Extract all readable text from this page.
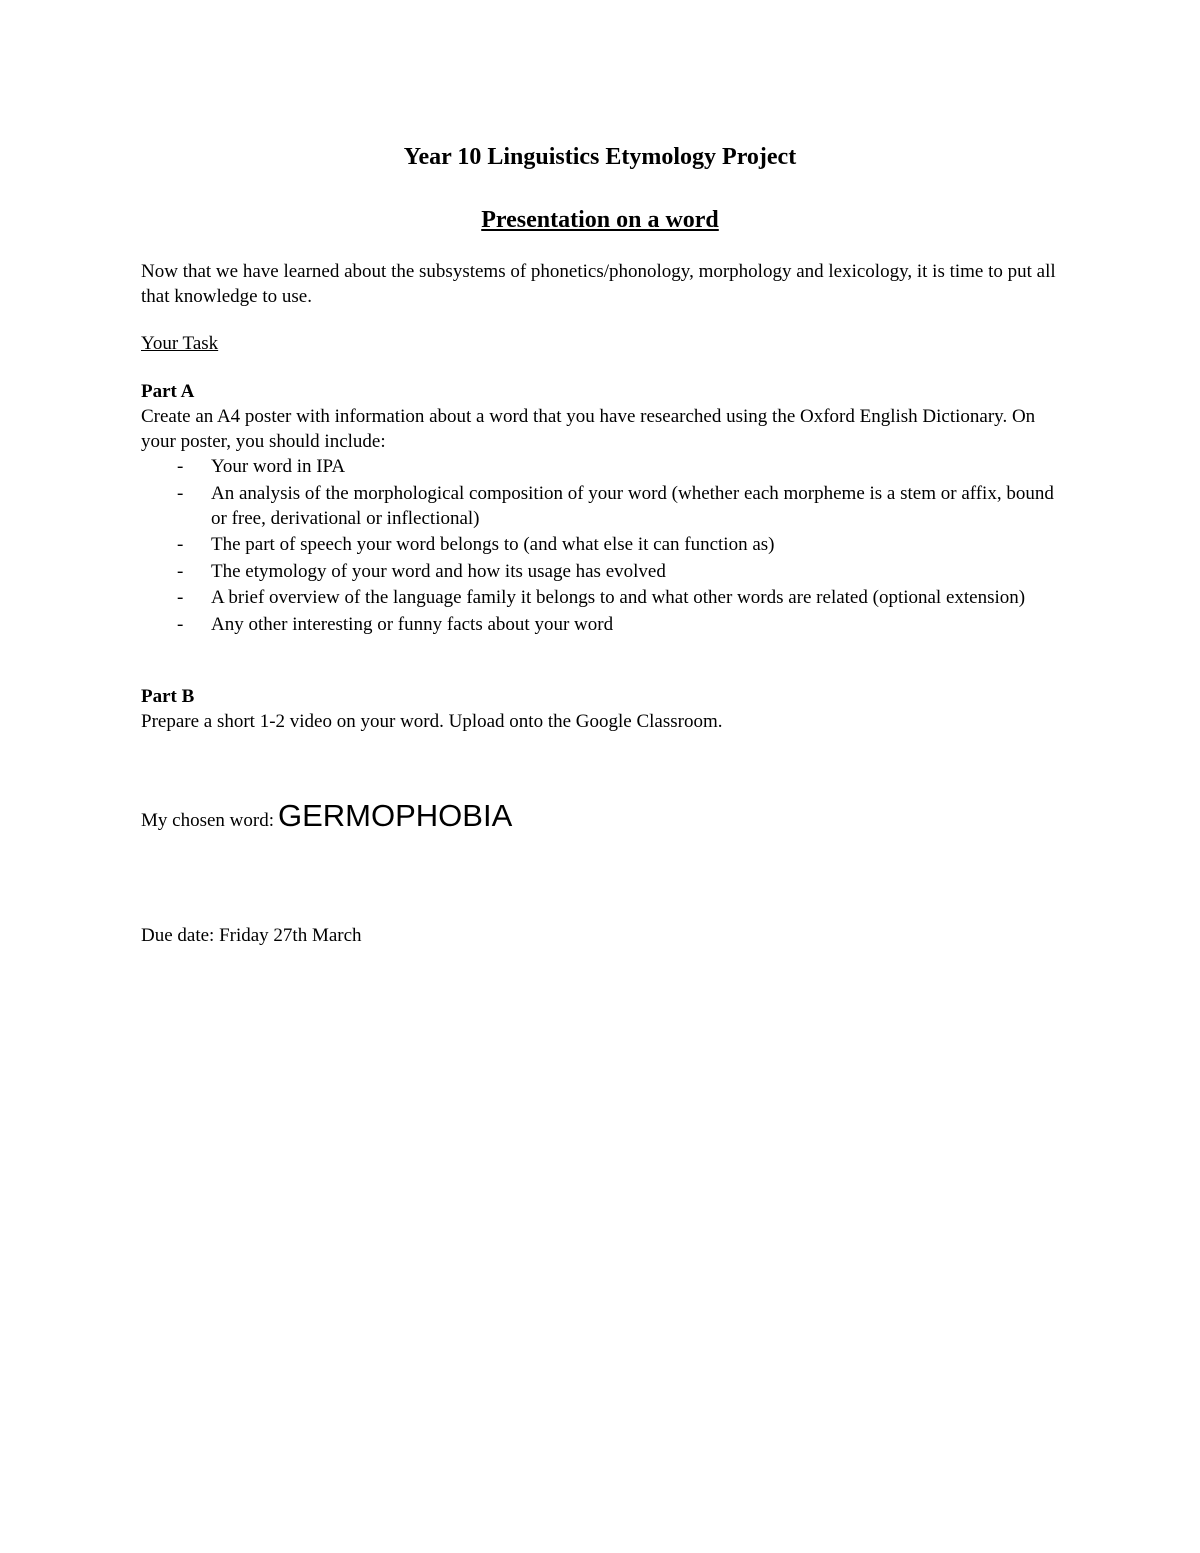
Year 10 Linguistics Etymology Project
Presentation on a word

Now that we have learned about the subsystems of phonetics/phonology, morphology and lexicology, it is time to put all that knowledge to use.

Your Task

Part A

Create an A4 poster with information about a word that you have researched using the Oxford English Dictionary. On your poster, you should include:

- Your word in IPA
- An analysis of the morphological composition of your word (whether each morpheme is a stem or affix, bound or free, derivational or inflectional)
- The part of speech your word belongs to (and what else it can function as)
- The etymology of your word and how its usage has evolved
- A brief overview of the language family it belongs to and what other words are related (optional extension)
- Any other interesting or funny facts about your word

Part B

Prepare a short 1-2 video on your word. Upload onto the Google Classroom.

My chosen word: GERMOPHOBIA

Due date: Friday 27th March
